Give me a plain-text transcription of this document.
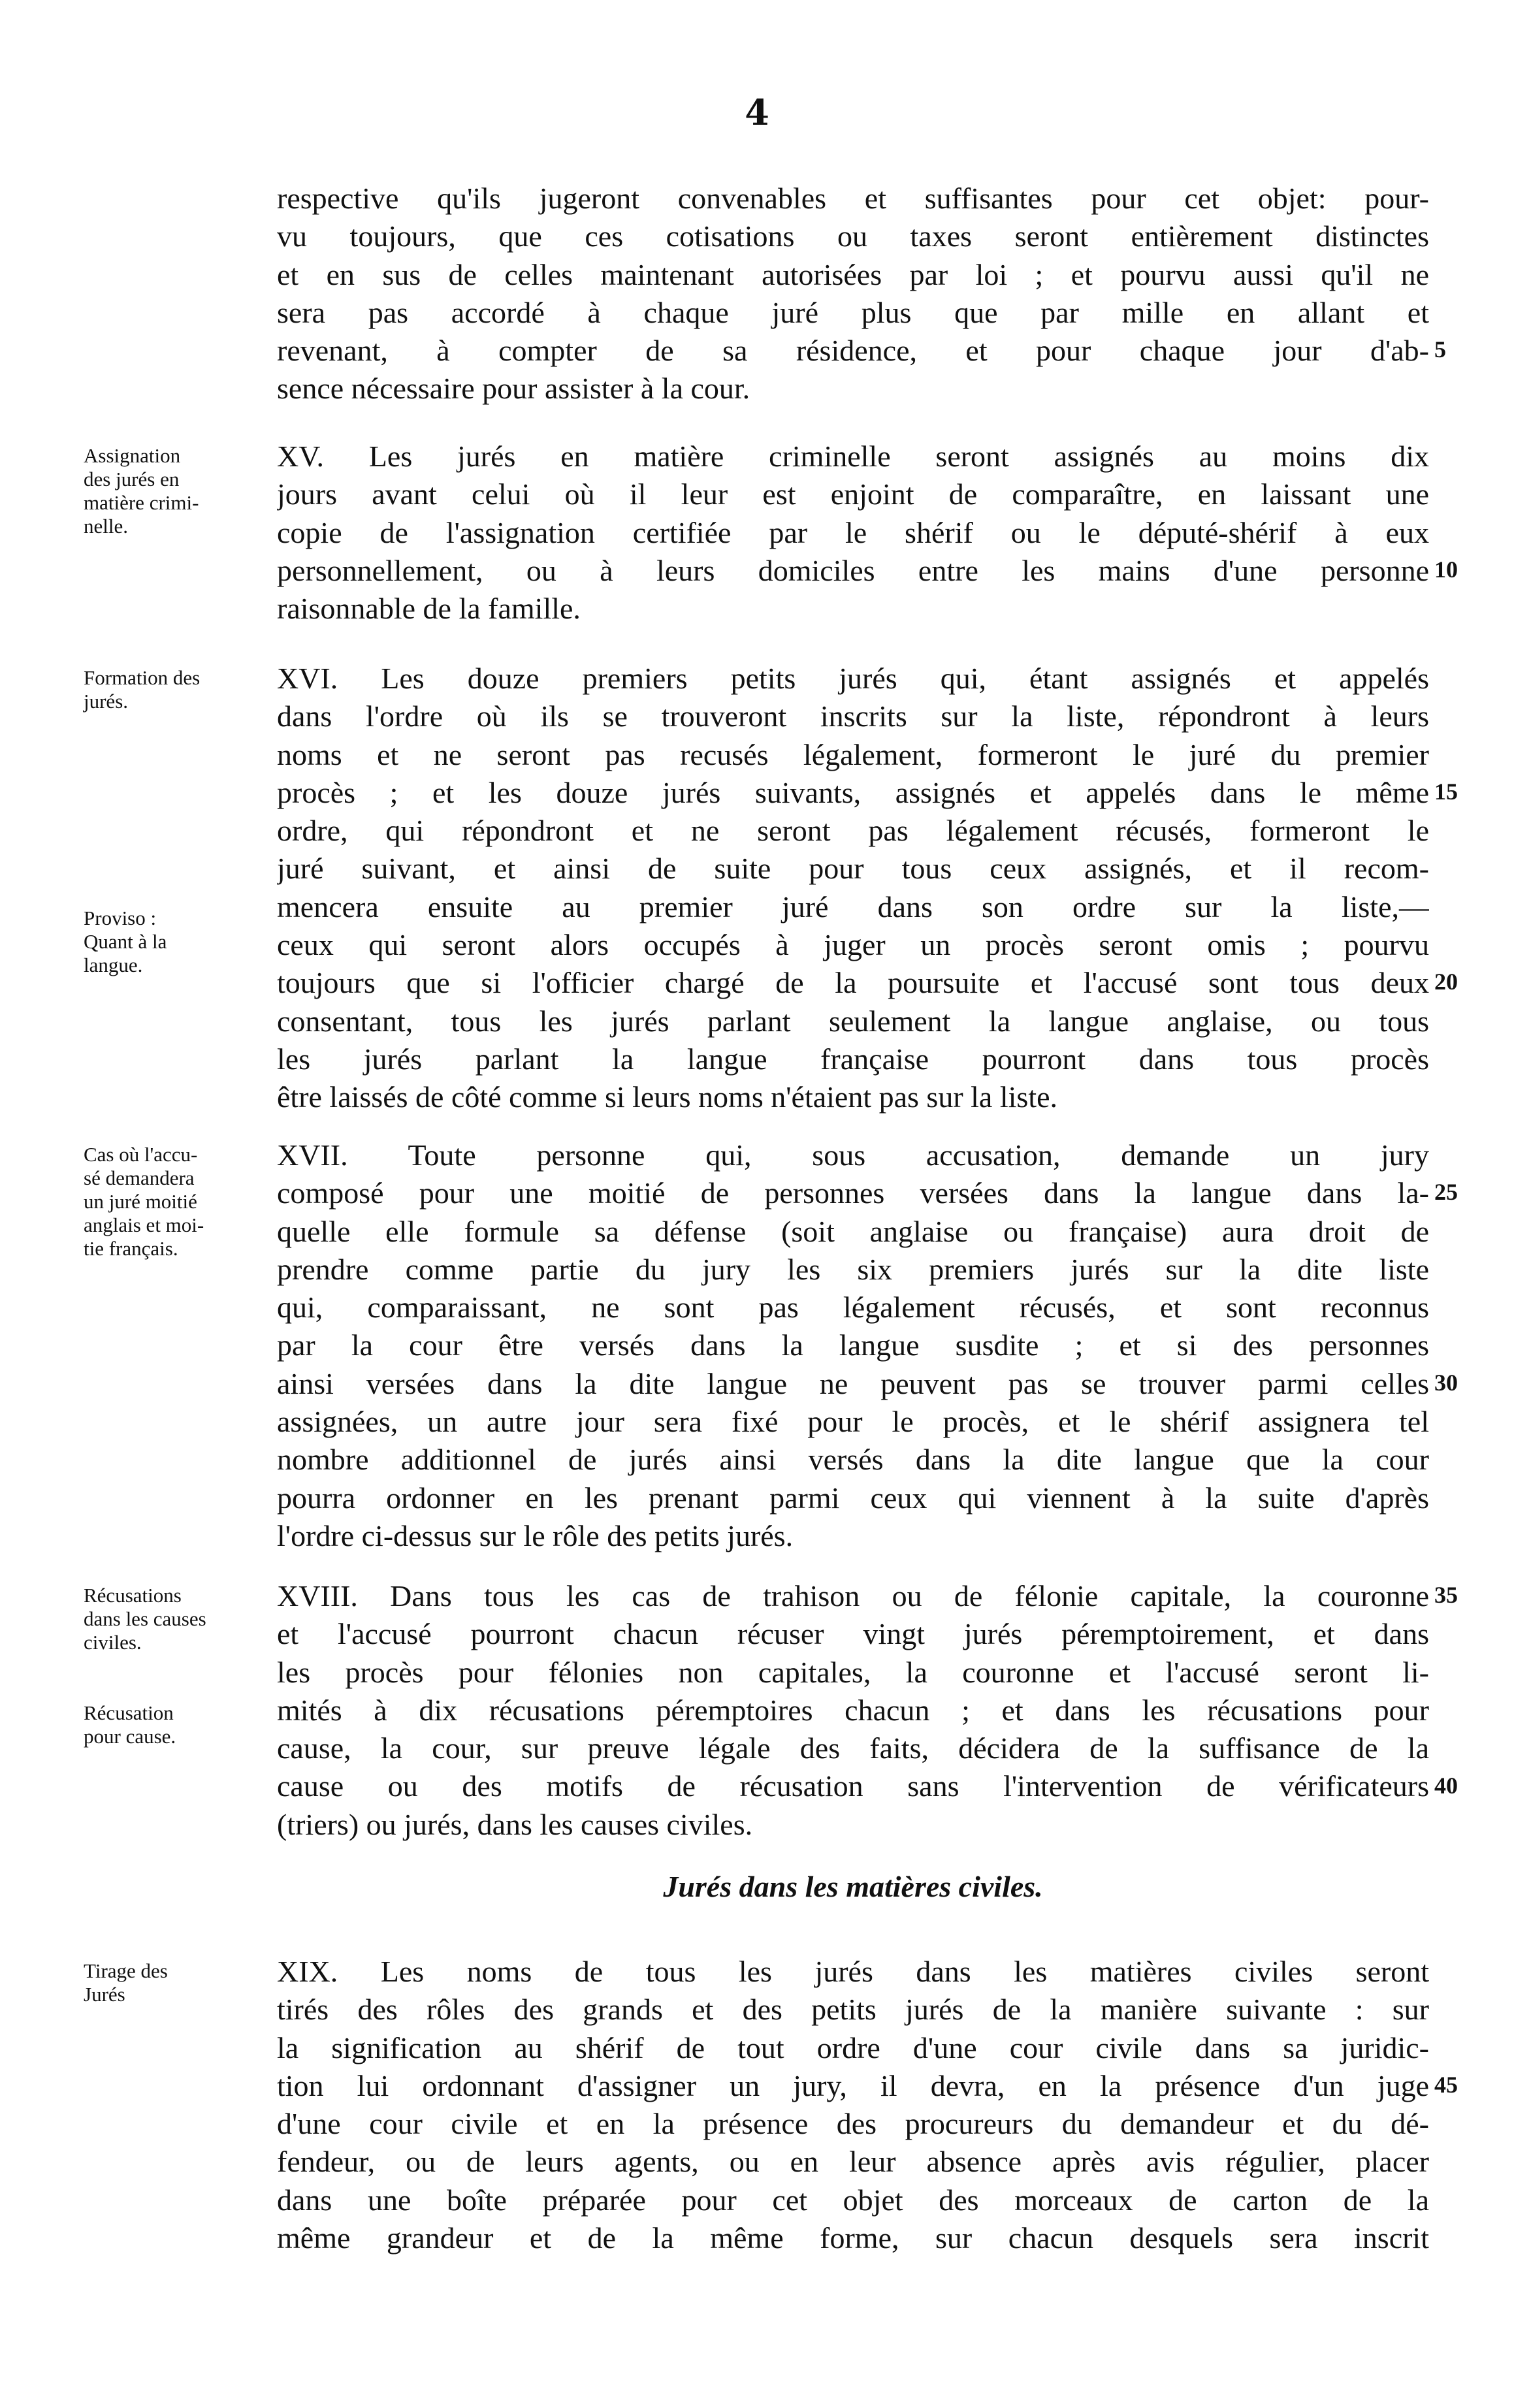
4
respective qu'ils jugeront convenables et suffisantes pour cet objet: pour-
vu toujours, que ces cotisations ou taxes seront entièrement distinctes
et en sus de celles maintenant autorisées par loi ; et pourvu aussi qu'il ne
sera pas accordé à chaque juré plus que par mille en allant et
revenant, à compter de sa résidence, et pour chaque jour d'ab-
sence nécessaire pour assister à la cour.
5
XV. Les jurés en matière criminelle seront assignés au moins dix
jours avant celui où il leur est enjoint de comparaître, en laissant une
copie de l'assignation certifiée par le shérif ou le député-shérif à eux
personnellement, ou à leurs domiciles entre les mains d'une personne
raisonnable de la famille.
Assignation
des jurés en
matière crimi-
nelle.
10
XVI. Les douze premiers petits jurés qui, étant assignés et appelés
dans l'ordre où ils se trouveront inscrits sur la liste, répondront à leurs
noms et ne seront pas recusés légalement, formeront le juré du premier
procès ; et les douze jurés suivants, assignés et appelés dans le même
ordre, qui répondront et ne seront pas légalement récusés, formeront le
juré suivant, et ainsi de suite pour tous ceux assignés, et il recom-
mencera ensuite au premier juré dans son ordre sur la liste,—
ceux qui seront alors occupés à juger un procès seront omis ; pourvu
toujours que si l'officier chargé de la poursuite et l'accusé sont tous deux
consentant, tous les jurés parlant seulement la langue anglaise, ou tous
les jurés parlant la langue française pourront dans tous procès
être laissés de côté comme si leurs noms n'étaient pas sur la liste.
Formation des
jurés.
Proviso :
Quant à la
langue.
15
20
XVII. Toute personne qui, sous accusation, demande un jury
composé pour une moitié de personnes versées dans la langue dans la-
quelle elle formule sa défense (soit anglaise ou française) aura droit de
prendre comme partie du jury les six premiers jurés sur la dite liste
qui, comparaissant, ne sont pas légalement récusés, et sont reconnus
par la cour être versés dans la langue susdite ; et si des personnes
ainsi versées dans la dite langue ne peuvent pas se trouver parmi celles
assignées, un autre jour sera fixé pour le procès, et le shérif assignera tel
nombre additionnel de jurés ainsi versés dans la dite langue que la cour
pourra ordonner en les prenant parmi ceux qui viennent à la suite d'après
l'ordre ci-dessus sur le rôle des petits jurés.
Cas où l'accu-
sé demandera
un juré moitié
anglais et moi-
tie français.
25
30
XVIII. Dans tous les cas de trahison ou de félonie capitale, la couronne
et l'accusé pourront chacun récuser vingt jurés péremptoirement, et dans
les procès pour félonies non capitales, la couronne et l'accusé seront li-
mités à dix récusations péremptoires chacun ; et dans les récusations pour
cause, la cour, sur preuve légale des faits, décidera de la suffisance de la
cause ou des motifs de récusation sans l'intervention de vérificateurs
(triers) ou jurés, dans les causes civiles.
Récusations
dans les causes
civiles.
Récusation
pour cause.
35
40
Jurés dans les matières civiles.
XIX. Les noms de tous les jurés dans les matières civiles seront
tirés des rôles des grands et des petits jurés de la manière suivante : sur
la signification au shérif de tout ordre d'une cour civile dans sa juridic-
tion lui ordonnant d'assigner un jury, il devra, en la présence d'un juge
d'une cour civile et en la présence des procureurs du demandeur et du dé-
fendeur, ou de leurs agents, ou en leur absence après avis régulier, placer
dans une boîte préparée pour cet objet des morceaux de carton de la
même grandeur et de la même forme, sur chacun desquels sera inscrit
Tirage des
Jurés
45
